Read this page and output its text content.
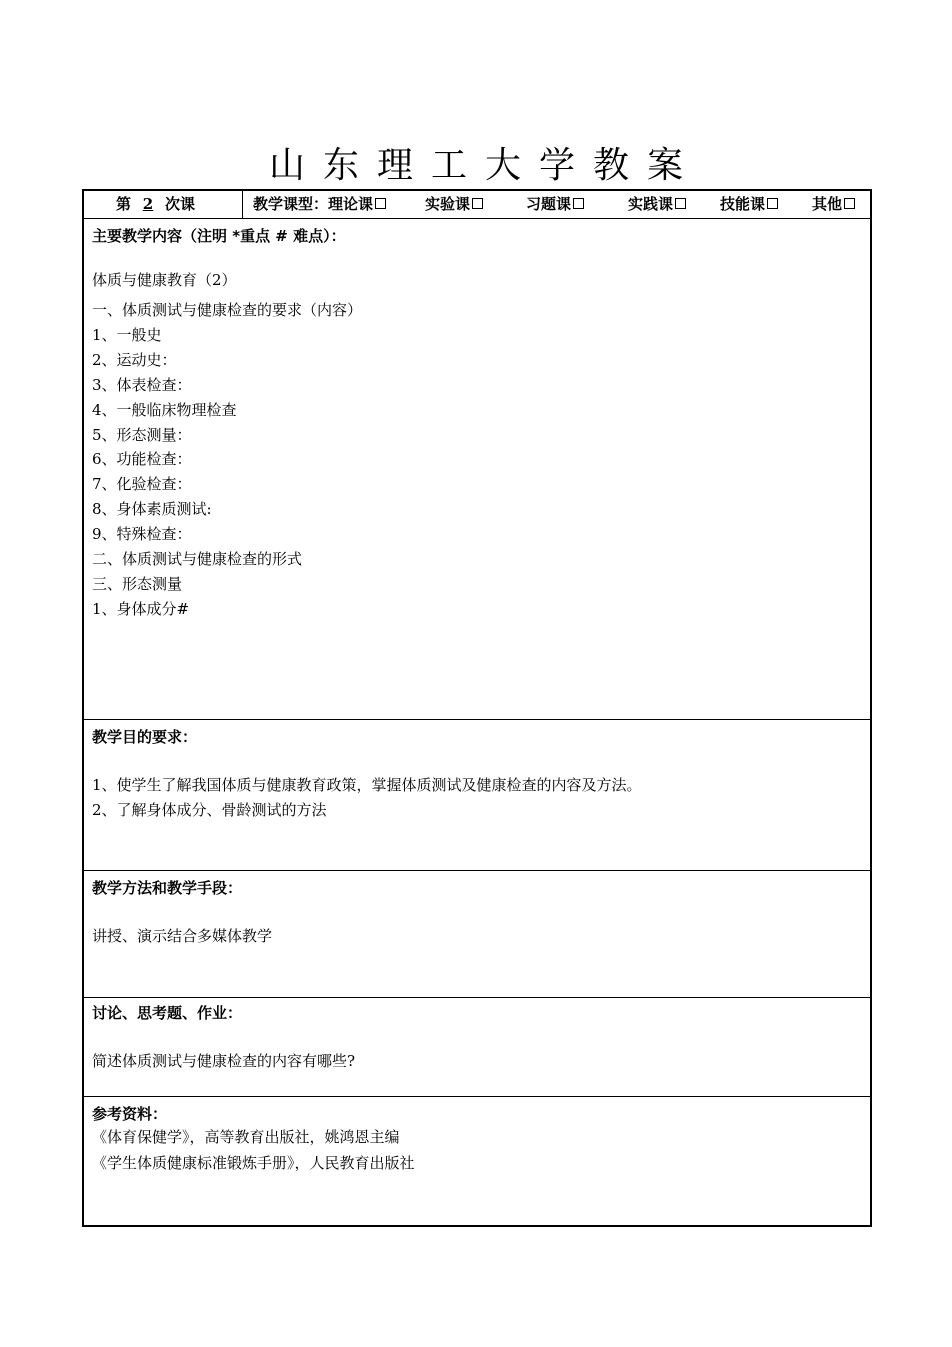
山东理工大学教案
第 2 次课	教学课型：理论课	实验课	习题课	实践课	技能课	其他
主要教学内容（注明 *重点 # 难点）：
体质与健康教育（2）
一、体质测试与健康检查的要求（内容）
1、一般史
2、运动史：
3、体表检查：
4、一般临床物理检查
5、形态测量：
6、功能检查：
7、化验检查：
8、身体素质测试:
9、特殊检查：
二、体质测试与健康检查的形式
三、形态测量
1、身体成分#
教学目的要求：
1、使学生了解我国体质与健康教育政策，掌握体质测试及健康检查的内容及方法。
2、了解身体成分、骨龄测试的方法
教学方法和教学手段：
讲授、演示结合多媒体教学
讨论、思考题、作业：
简述体质测试与健康检查的内容有哪些?
参考资料：
《体育保健学》，高等教育出版社，姚鸿恩主编
《学生体质健康标准锻炼手册》，人民教育出版社
